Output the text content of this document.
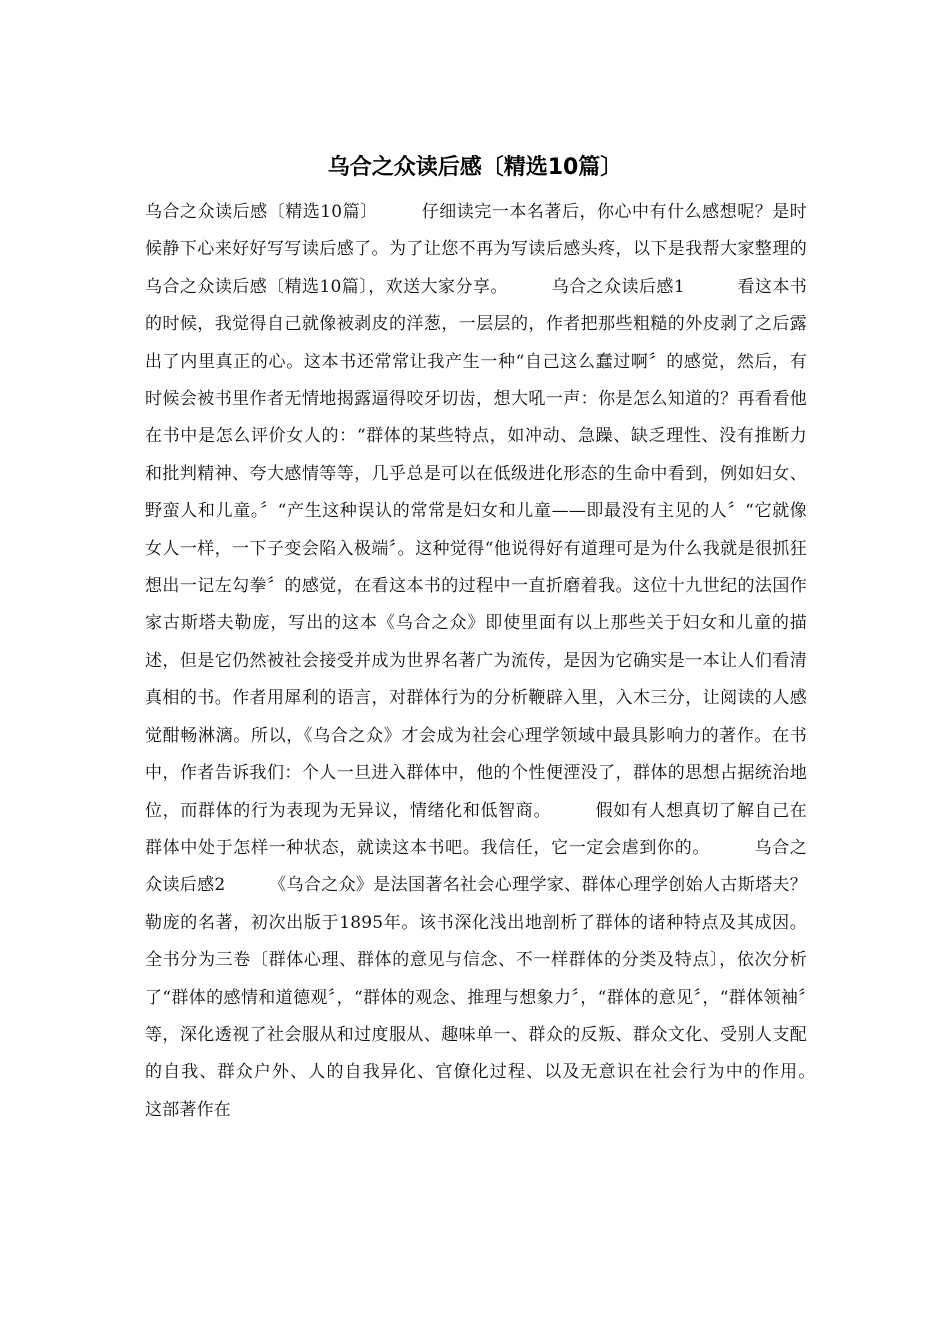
乌合之众读后感〔精选10篇〕

乌合之众读后感〔精选10篇〕　　　仔细读完一本名著后，你心中有什么感想呢？是时候静下心来好好写写读后感了。为了让您不再为写读后感头疼，以下是我帮大家整理的乌合之众读后感〔精选10篇〕，欢送大家分享。　　　乌合之众读后感1　　　看这本书的时候，我觉得自己就像被剥皮的洋葱，一层层的，作者把那些粗糙的外皮剥了之后露出了内里真正的心。这本书还常常让我产生一种“自己这么蠢过啊〞的感觉，然后，有时候会被书里作者无情地揭露逼得咬牙切齿，想大吼一声：你是怎么知道的？再看看他在书中是怎么评价女人的：“群体的某些特点，如冲动、急躁、缺乏理性、没有推断力和批判精神、夸大感情等等，几乎总是可以在低级进化形态的生命中看到，例如妇女、野蛮人和儿童。〞“产生这种误认的常常是妇女和儿童——即最没有主见的人〞“它就像女人一样，一下子变会陷入极端〞。这种觉得“他说得好有道理可是为什么我就是很抓狂想出一记左勾拳〞的感觉，在看这本书的过程中一直折磨着我。这位十九世纪的法国作家古斯塔夫勒庞，写出的这本《乌合之众》即使里面有以上那些关于妇女和儿童的描述，但是它仍然被社会接受并成为世界名著广为流传，是因为它确实是一本让人们看清真相的书。作者用犀利的语言，对群体行为的分析鞭辟入里，入木三分，让阅读的人感觉酣畅淋漓。所以，《乌合之众》才会成为社会心理学领域中最具影响力的著作。在书中，作者告诉我们：个人一旦进入群体中，他的个性便湮没了，群体的思想占据统治地位，而群体的行为表现为无异议，情绪化和低智商。　　　假如有人想真切了解自己在群体中处于怎样一种状态，就读这本书吧。我信任，它一定会虐到你的。　　　乌合之众读后感2　　　《乌合之众》是法国著名社会心理学家、群体心理学创始人古斯塔夫？勒庞的名著，初次出版于1895年。该书深化浅出地剖析了群体的诸种特点及其成因。全书分为三卷〔群体心理、群体的意见与信念、不一样群体的分类及特点〕，依次分析了“群体的感情和道德观〞，“群体的观念、推理与想象力〞，“群体的意见〞，“群体领袖〞等，深化透视了社会服从和过度服从、趣味单一、群众的反叛、群众文化、受别人支配的自我、群众户外、人的自我异化、官僚化过程、以及无意识在社会行为中的作用。　　　这部著作在
